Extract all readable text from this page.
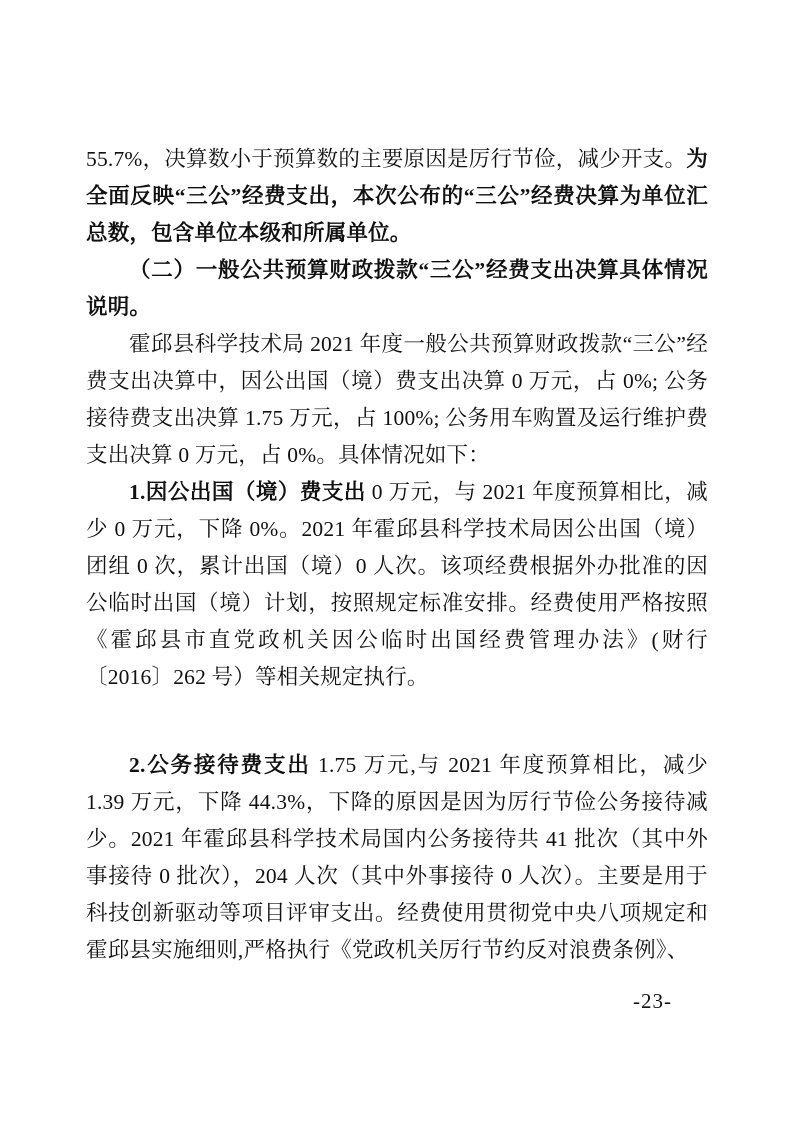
55.7%，决算数小于预算数的主要原因是厉行节俭，减少开支。为全面反映“三公”经费支出，本次公布的“三公”经费决算为单位汇总数，包含单位本级和所属单位。

（二）一般公共预算财政拨款“三公”经费支出决算具体情况说明。

霍邱县科学技术局 2021 年度一般公共预算财政拨款“三公”经费支出决算中，因公出国（境）费支出决算 0 万元，占 0%; 公务接待费支出决算 1.75 万元，占 100%; 公务用车购置及运行维护费支出决算 0 万元，占 0%。具体情况如下：

1.因公出国（境）费支出 0 万元，与 2021 年度预算相比，减少 0 万元，下降 0%。2021 年霍邱县科学技术局因公出国（境）团组 0 次，累计出国（境）0 人次。该项经费根据外办批准的因公临时出国（境）计划，按照规定标准安排。经费使用严格按照《霍邱县市直党政机关因公临时出国经费管理办法》(财行〔2016〕262 号）等相关规定执行。

2.公务接待费支出 1.75 万元,与 2021 年度预算相比，减少 1.39 万元，下降 44.3%，下降的原因是因为厉行节俭公务接待减少。2021 年霍邱县科学技术局国内公务接待共 41 批次（其中外事接待 0 批次），204 人次（其中外事接待 0 人次）。主要是用于科技创新驱动等项目评审支出。经费使用贯彻党中央八项规定和霍邱县实施细则,严格执行《党政机关厉行节约反对浪费条例》、

-23-
